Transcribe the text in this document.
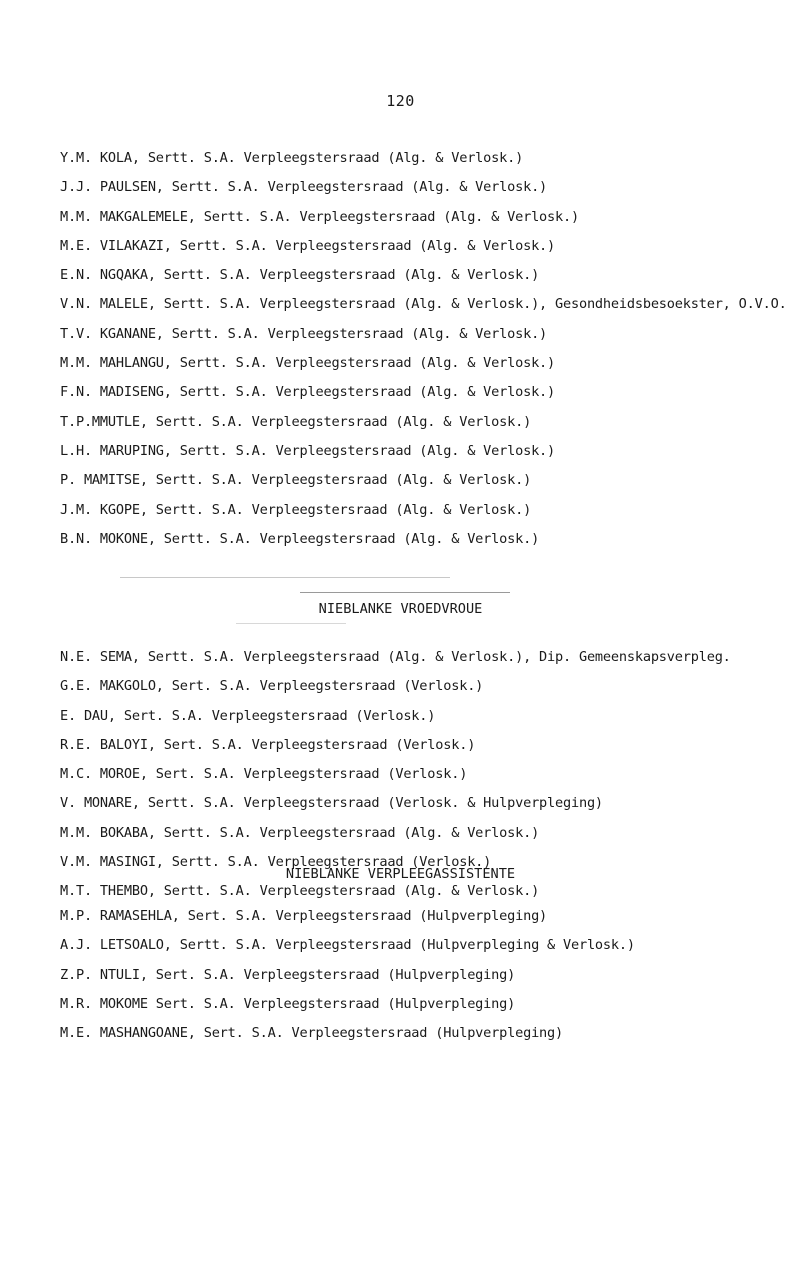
120
Y.M. KOLA, Sertt. S.A. Verpleegstersraad (Alg. & Verlosk.)
J.J. PAULSEN, Sertt. S.A. Verpleegstersraad (Alg. & Verlosk.)
M.M. MAKGALEMELE, Sertt. S.A. Verpleegstersraad (Alg. & Verlosk.)
M.E. VILAKAZI, Sertt. S.A. Verpleegstersraad (Alg. & Verlosk.)
E.N. NGQAKA, Sertt. S.A. Verpleegstersraad (Alg. & Verlosk.)
V.N. MALELE, Sertt. S.A. Verpleegstersraad (Alg. & Verlosk.), Gesondheidsbesoekster, O.V.O.
T.V. KGANANE, Sertt. S.A. Verpleegstersraad (Alg. & Verlosk.)
M.M. MAHLANGU, Sertt. S.A. Verpleegstersraad (Alg. & Verlosk.)
F.N. MADISENG, Sertt. S.A. Verpleegstersraad (Alg. & Verlosk.)
T.P.MMUTLE, Sertt. S.A. Verpleegstersraad (Alg. & Verlosk.)
L.H. MARUPING, Sertt. S.A. Verpleegstersraad (Alg. & Verlosk.)
P. MAMITSE, Sertt. S.A. Verpleegstersraad (Alg. & Verlosk.)
J.M. KGOPE, Sertt. S.A. Verpleegstersraad (Alg. & Verlosk.)
B.N. MOKONE, Sertt. S.A. Verpleegstersraad (Alg. & Verlosk.)
NIEBLANKE VROEDVROUE
N.E. SEMA, Sertt. S.A. Verpleegstersraad (Alg. & Verlosk.), Dip. Gemeenskapsverpleg.
G.E. MAKGOLO, Sert. S.A. Verpleegstersraad (Verlosk.)
E. DAU, Sert. S.A. Verpleegstersraad (Verlosk.)
R.E. BALOYI, Sert. S.A. Verpleegstersraad (Verlosk.)
M.C. MOROE, Sert. S.A. Verpleegstersraad (Verlosk.)
V. MONARE, Sertt. S.A. Verpleegstersraad (Verlosk. & Hulpverpleging)
M.M. BOKABA, Sertt. S.A. Verpleegstersraad (Alg. & Verlosk.)
V.M. MASINGI, Sertt. S.A. Verpleegstersraad (Verlosk.)
M.T. THEMBO, Sertt. S.A. Verpleegstersraad (Alg. & Verlosk.)
NIEBLANKE VERPLEEGASSISTENTE
M.P. RAMASEHLA, Sert. S.A. Verpleegstersraad (Hulpverpleging)
A.J. LETSOALO, Sertt. S.A. Verpleegstersraad (Hulpverpleging & Verlosk.)
Z.P. NTULI, Sert. S.A. Verpleegstersraad (Hulpverpleging)
M.R. MOKOME Sert. S.A. Verpleegstersraad (Hulpverpleging)
M.E. MASHANGOANE, Sert. S.A. Verpleegstersraad (Hulpverpleging)
